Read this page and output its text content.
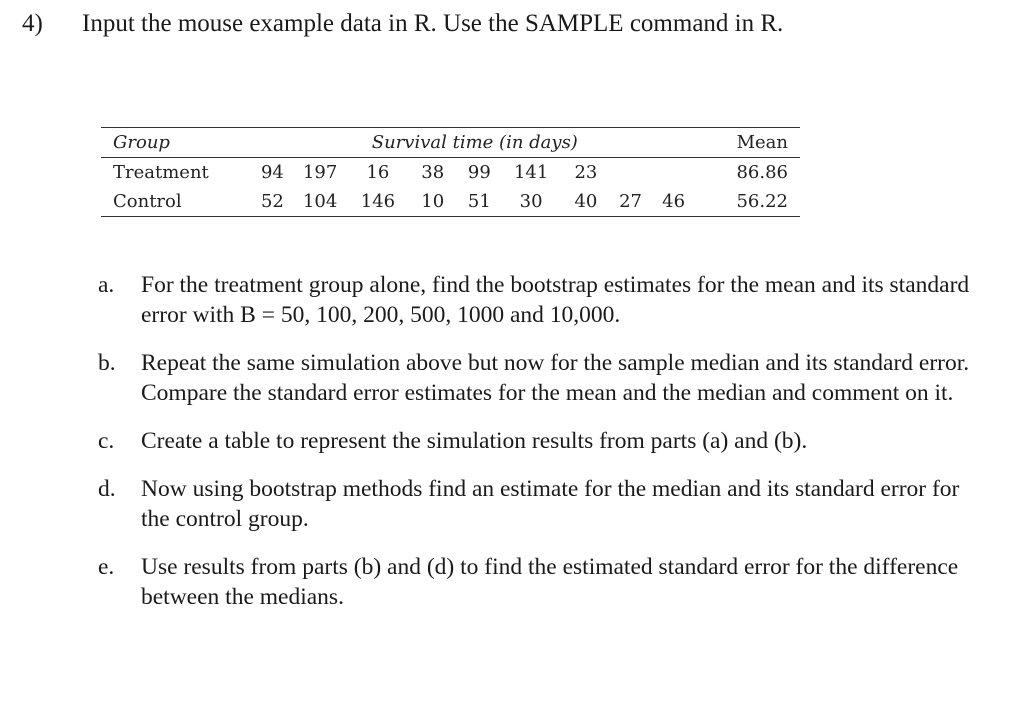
4) Input the mouse example data in R. Use the SAMPLE command in R.
Group	Survival time (in days)									Mean
Treatment	94	197	16	38	99	141	23			86.86
Control	52	104	146	10	51	30	40	27	46	56.22
a.	For the treatment group alone, find the bootstrap estimates for the mean and its standard error with B = 50, 100, 200, 500, 1000 and 10,000.
b.	Repeat the same simulation above but now for the sample median and its standard error. Compare the standard error estimates for the mean and the median and comment on it.
c.	Create a table to represent the simulation results from parts (a) and (b).
d.	Now using bootstrap methods find an estimate for the median and its standard error for the control group.
e.	Use results from parts (b) and (d) to find the estimated standard error for the difference between the medians.
